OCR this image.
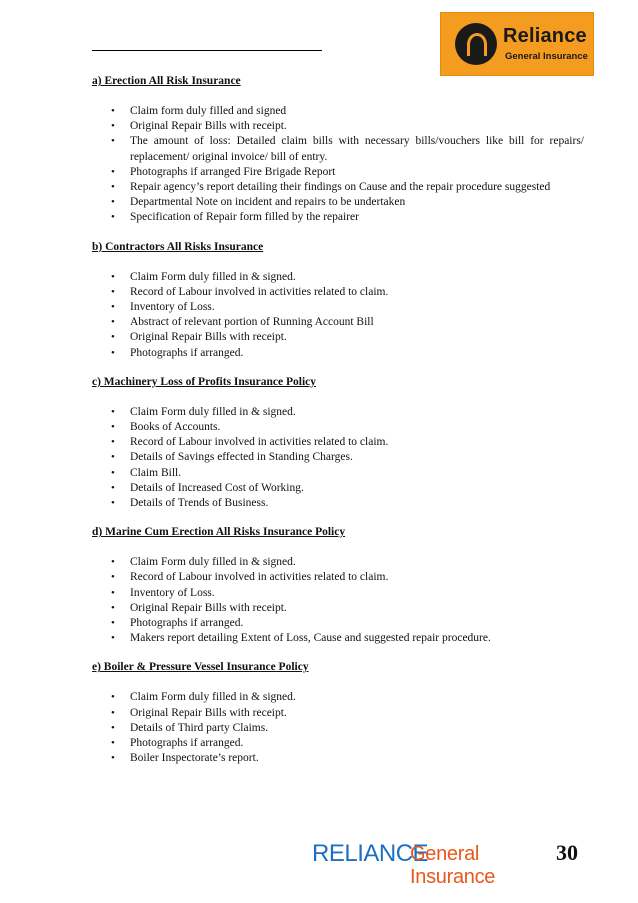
Reliance
General Insurance

a) Erection All Risk Insurance

• Claim form duly filled and signed
• Original Repair Bills with receipt.
• The amount of loss: Detailed claim bills with necessary bills/vouchers like bill for repairs/ replacement/ original invoice/ bill of entry.
• Photographs if arranged Fire Brigade Report
• Repair agency’s report detailing their findings on Cause and the repair procedure suggested
• Departmental Note on incident and repairs to be undertaken
• Specification of Repair form filled by the repairer

b) Contractors All Risks Insurance

• Claim Form duly filled in & signed.
• Record of Labour involved in activities related to claim.
• Inventory of Loss.
• Abstract of relevant portion of Running Account Bill
• Original Repair Bills with receipt.
• Photographs if arranged.

c) Machinery Loss of Profits Insurance Policy

• Claim Form duly filled in & signed.
• Books of Accounts.
• Record of Labour involved in activities related to claim.
• Details of Savings effected in Standing Charges.
• Claim Bill.
• Details of Increased Cost of Working.
• Details of Trends of Business.

d) Marine Cum Erection All Risks Insurance Policy

• Claim Form duly filled in & signed.
• Record of Labour involved in activities related to claim.
• Inventory of Loss.
• Original Repair Bills with receipt.
• Photographs if arranged.
• Makers report detailing Extent of Loss, Cause and suggested repair procedure.

e) Boiler & Pressure Vessel Insurance Policy

• Claim Form duly filled in & signed.
• Original Repair Bills with receipt.
• Details of Third party Claims.
• Photographs if arranged.
• Boiler Inspectorate’s report.
RELIANCE
General Insurance
30
